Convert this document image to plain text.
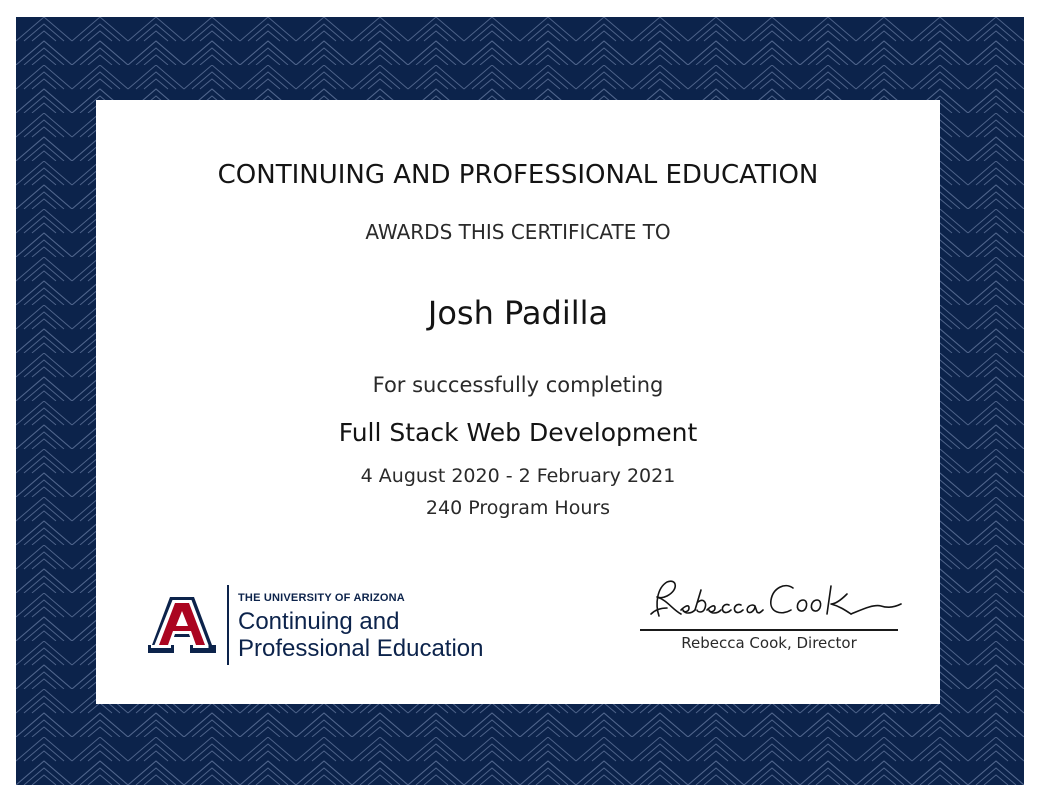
CONTINUING AND PROFESSIONAL EDUCATION
AWARDS THIS CERTIFICATE TO
Josh Padilla
For successfully completing
Full Stack Web Development
4 August 2020 - 2 February 2021
240 Program Hours
THE UNIVERSITY OF ARIZONA
Continuing and
Professional Education	Rebecca Cook, Director
